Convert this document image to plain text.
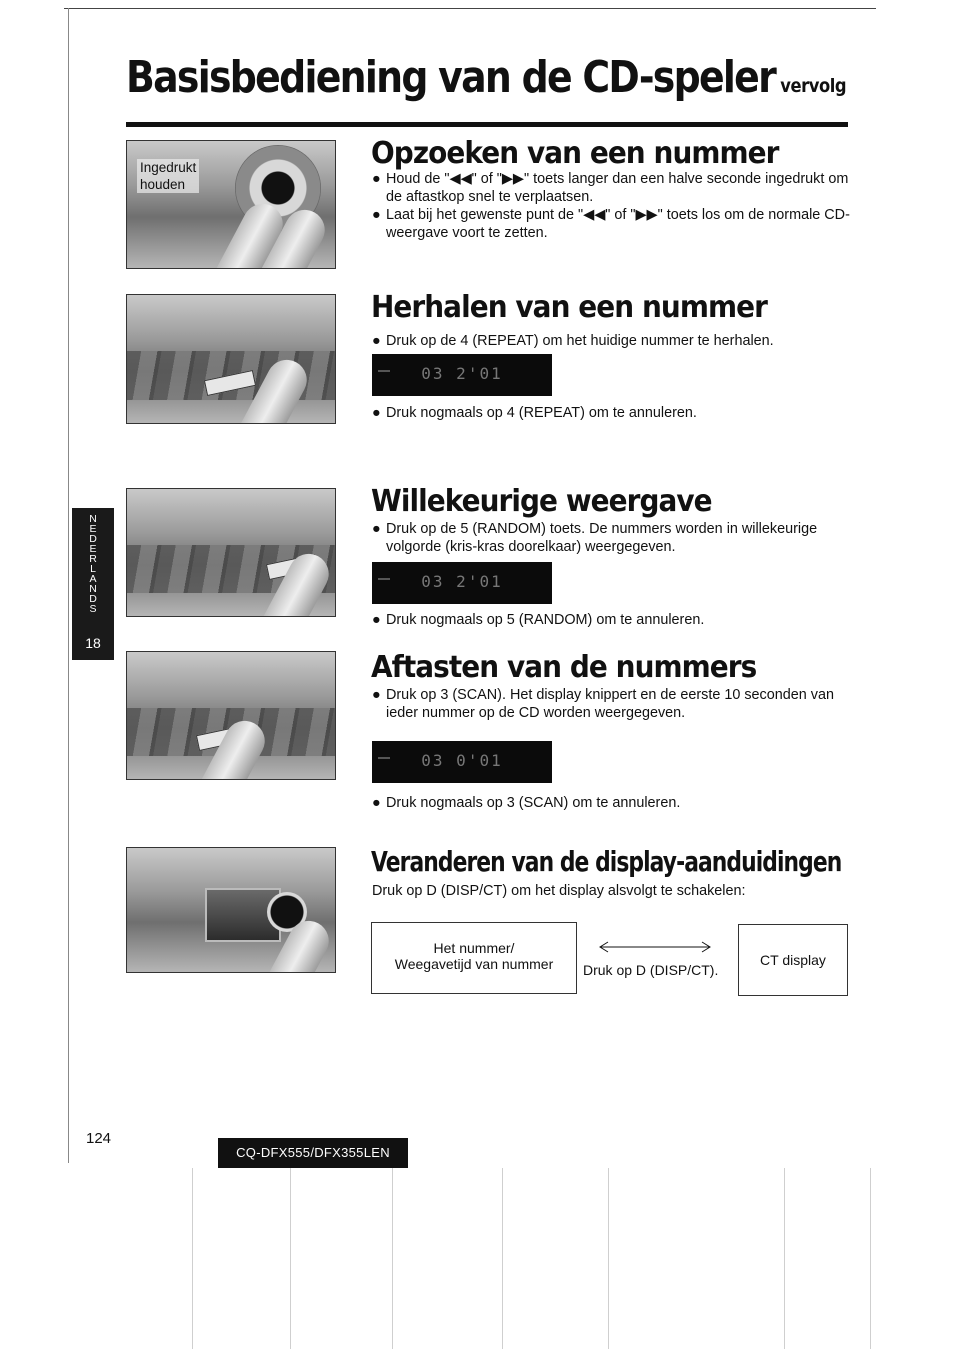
Basisbediening van de CD-speler vervolg
N
E
D
E
R
L
A
N
D
S
18
Ingedrukt
houden
Opzoeken van een nummer
● Houd de "◀◀" of "▶▶" toets langer dan een halve seconde ingedrukt om de aftastkop snel te verplaatsen.
● Laat bij het gewenste punt de "◀◀" of "▶▶" toets los om de normale CD-weergave voort te zetten.
Herhalen van een nummer
● Druk op de 4 (REPEAT) om het huidige nummer te herhalen.
03 2'01
● Druk nogmaals op 4 (REPEAT) om te annuleren.
Willekeurige weergave
● Druk op de 5 (RANDOM) toets. De nummers worden in willekeurige volgorde (kris-kras doorelkaar) weergegeven.
03 2'01
● Druk nogmaals op 5 (RANDOM) om te annuleren.
Aftasten van de nummers
● Druk op 3 (SCAN). Het display knippert en de eerste 10 seconden van ieder nummer op de CD worden weergegeven.
03 0'01
● Druk nogmaals op 3 (SCAN) om te annuleren.
Veranderen van de display-aanduidingen
Druk op D (DISP/CT) om het display alsvolgt te schakelen:
Het nummer/
Weegavetijd van nummer	Druk op D (DISP/CT).
CT display
124
CQ-DFX555/DFX355LEN
